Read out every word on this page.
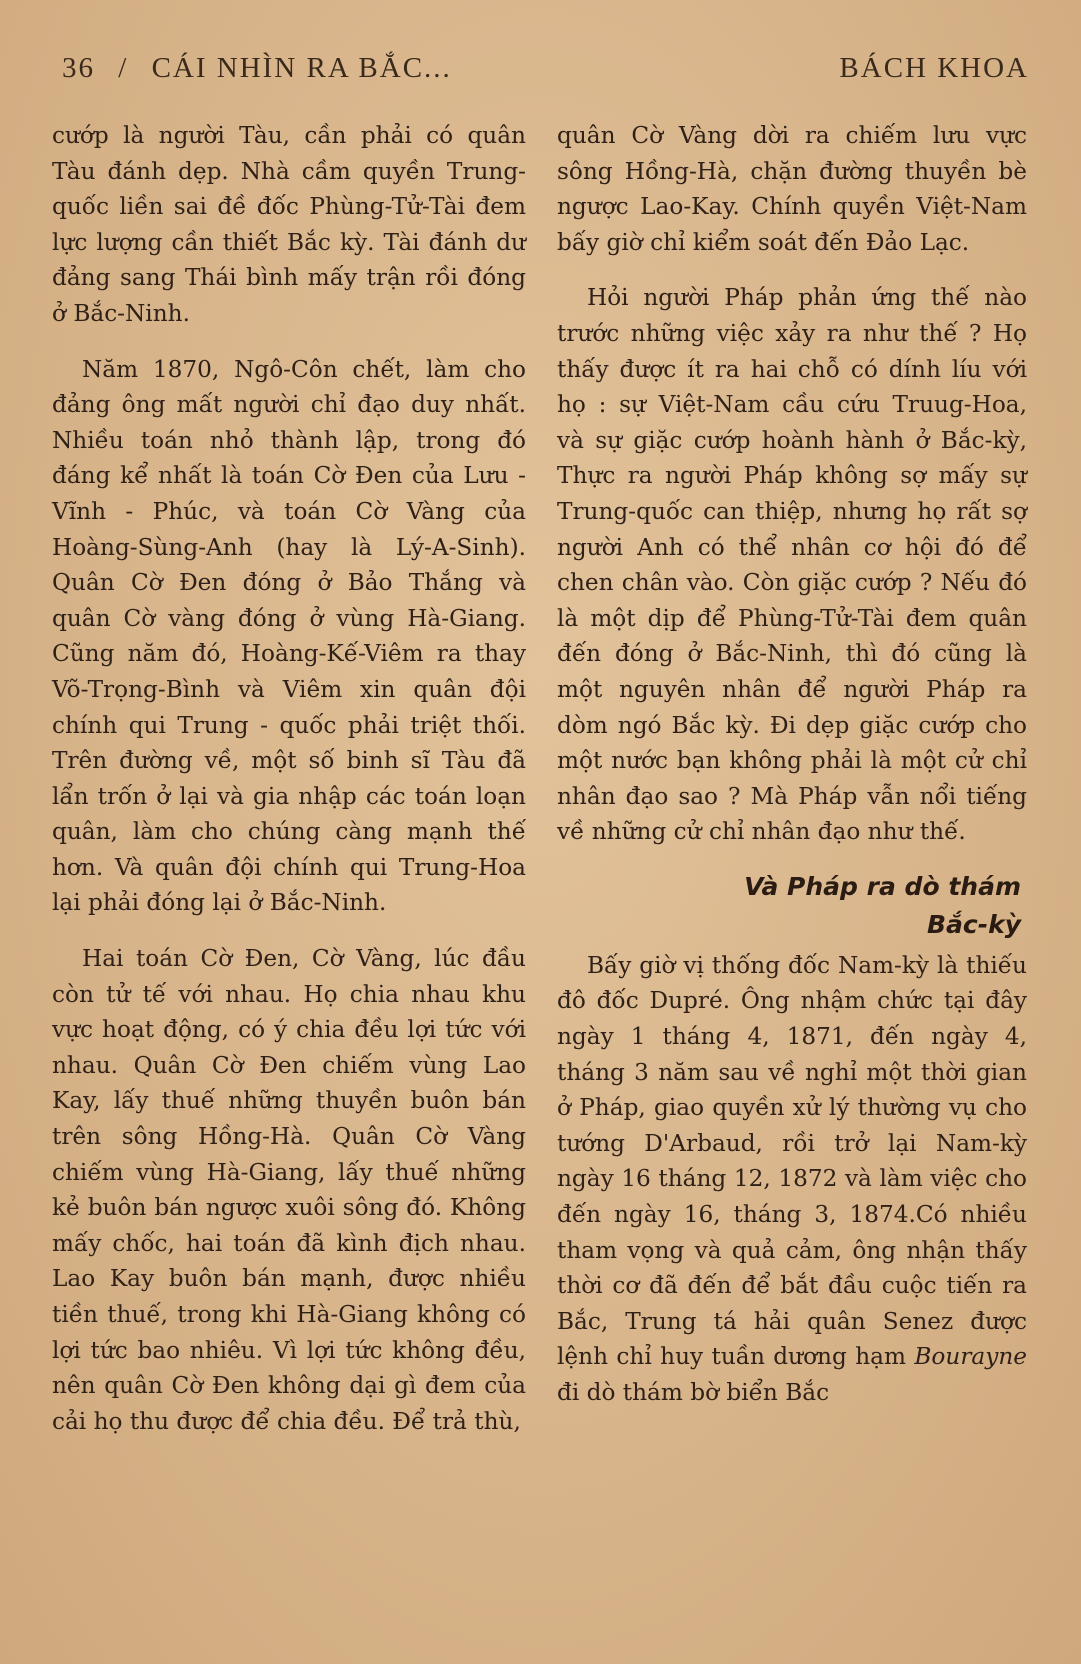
36 / CÁI NHÌN RA BẮC...	BÁCH KHOA

cướp là người Tàu, cần phải có quân Tàu đánh dẹp. Nhà cầm quyền Trung-quốc liền sai đề đốc Phùng-Tử-Tài đem lực lượng cần thiết Bắc kỳ. Tài đánh dư đảng sang Thái bình mấy trận rồi đóng ở Bắc-Ninh.

Năm 1870, Ngô-Côn chết, làm cho đảng ông mất người chỉ đạo duy nhất. Nhiều toán nhỏ thành lập, trong đó đáng kể nhất là toán Cờ Đen của Lưu - Vĩnh - Phúc, và toán Cờ Vàng của Hoàng-Sùng-Anh (hay là Lý-A-Sinh). Quân Cờ Đen đóng ở Bảo Thắng và quân Cờ vàng đóng ở vùng Hà-Giang. Cũng năm đó, Hoàng-Kế-Viêm ra thay Võ-Trọng-Bình và Viêm xin quân đội chính qui Trung - quốc phải triệt thối. Trên đường về, một số binh sĩ Tàu đã lẩn trốn ở lại và gia nhập các toán loạn quân, làm cho chúng càng mạnh thế hơn. Và quân đội chính qui Trung-Hoa lại phải đóng lại ở Bắc-Ninh.

Hai toán Cờ Đen, Cờ Vàng, lúc đầu còn tử tế với nhau. Họ chia nhau khu vực hoạt động, có ý chia đều lợi tức với nhau. Quân Cờ Đen chiếm vùng Lao Kay, lấy thuế những thuyền buôn bán trên sông Hồng-Hà. Quân Cờ Vàng chiếm vùng Hà-Giang, lấy thuế những kẻ buôn bán ngược xuôi sông đó. Không mấy chốc, hai toán đã kình địch nhau. Lao Kay buôn bán mạnh, được nhiều tiền thuế, trong khi Hà-Giang không có lợi tức bao nhiêu. Vì lợi tức không đều, nên quân Cờ Đen không dại gì đem của cải họ thu được để chia đều. Để trả thù,

quân Cờ Vàng dời ra chiếm lưu vực sông Hồng-Hà, chặn đường thuyền bè ngược Lao-Kay. Chính quyền Việt-Nam bấy giờ chỉ kiểm soát đến Đảo Lạc.

Hỏi người Pháp phản ứng thế nào trước những việc xảy ra như thế ? Họ thấy được ít ra hai chỗ có dính líu với họ : sự Việt-Nam cầu cứu Truug-Hoa, và sự giặc cướp hoành hành ở Bắc-kỳ, Thực ra người Pháp không sợ mấy sự Trung-quốc can thiệp, nhưng họ rất sợ người Anh có thể nhân cơ hội đó để chen chân vào. Còn giặc cướp ? Nếu đó là một dịp để Phùng-Tử-Tài đem quân đến đóng ở Bắc-Ninh, thì đó cũng là một nguyên nhân để người Pháp ra dòm ngó Bắc kỳ. Đi dẹp giặc cướp cho một nước bạn không phải là một cử chỉ nhân đạo sao ? Mà Pháp vẫn nổi tiếng về những cử chỉ nhân đạo như thế.

Và Pháp ra dò thám
Bắc-kỳ

Bấy giờ vị thống đốc Nam-kỳ là thiếu đô đốc Dupré. Ông nhậm chức tại đây ngày 1 tháng 4, 1871, đến ngày 4, tháng 3 năm sau về nghỉ một thời gian ở Pháp, giao quyền xử lý thường vụ cho tướng D'Arbaud, rồi trở lại Nam-kỳ ngày 16 tháng 12, 1872 và làm việc cho đến ngày 16, tháng 3, 1874.Có nhiều tham vọng và quả cảm, ông nhận thấy thời cơ đã đến để bắt đầu cuộc tiến ra Bắc, Trung tá hải quân Senez được lệnh chỉ huy tuần dương hạm Bourayne đi dò thám bờ biển Bắc
